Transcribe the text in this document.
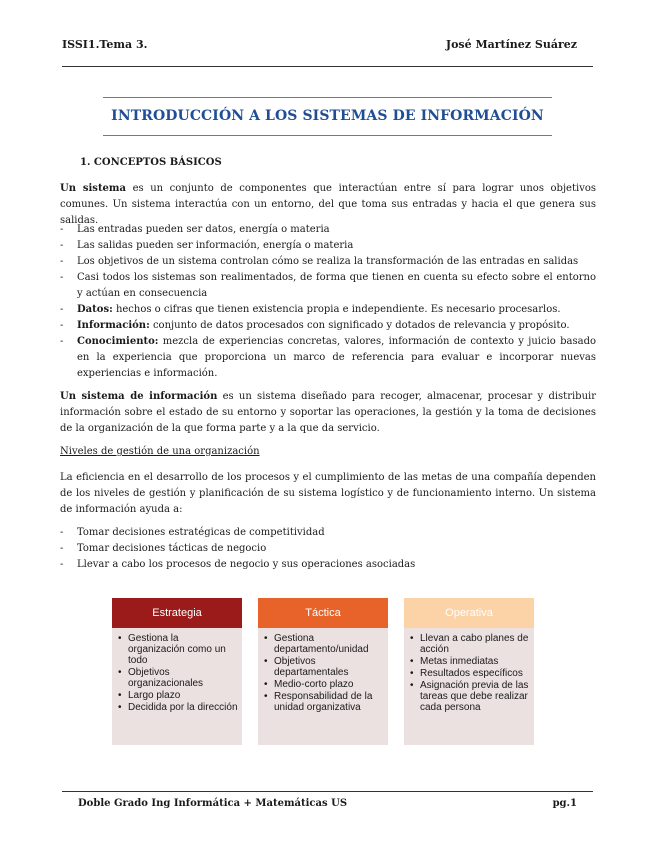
ISSI1.Tema 3.	José Martínez Suárez
INTRODUCCIÓN A LOS SISTEMAS DE INFORMACIÓN
1. CONCEPTOS BÁSICOS
Un sistema es un conjunto de componentes que interactúan entre sí para lograr unos objetivos comunes. Un sistema interactúa con un entorno, del que toma sus entradas y hacia el que genera sus salidas.
- Las entradas pueden ser datos, energía o materia
- Las salidas pueden ser información, energía o materia
- Los objetivos de un sistema controlan cómo se realiza la transformación de las entradas en salidas
- Casi todos los sistemas son realimentados, de forma que tienen en cuenta su efecto sobre el entorno y actúan en consecuencia
- Datos: hechos o cifras que tienen existencia propia e independiente. Es necesario procesarlos.
- Información: conjunto de datos procesados con significado y dotados de relevancia y propósito.
- Conocimiento: mezcla de experiencias concretas, valores, información de contexto y juicio basado en la experiencia que proporciona un marco de referencia para evaluar e incorporar nuevas experiencias e información.
Un sistema de información es un sistema diseñado para recoger, almacenar, procesar y distribuir información sobre el estado de su entorno y soportar las operaciones, la gestión y la toma de decisiones de la organización de la que forma parte y a la que da servicio.
Niveles de gestión de una organización
La eficiencia en el desarrollo de los procesos y el cumplimiento de las metas de una compañía dependen de los niveles de gestión y planificación de su sistema logístico y de funcionamiento interno. Un sistema de información ayuda a:
- Tomar decisiones estratégicas de competitividad
- Tomar decisiones tácticas de negocio
- Llevar a cabo los procesos de negocio y sus operaciones asociadas
Estrategia
• Gestiona la organización como un todo
• Objetivos organizacionales
• Largo plazo
• Decidida por la dirección
Táctica
• Gestiona departamento/unidad
• Objetivos departamentales
• Medio-corto plazo
• Responsabilidad de la unidad organizativa
Operativa
• Llevan a cabo planes de acción
• Metas inmediatas
• Resultados específicos
• Asignación previa de las tareas que debe realizar cada persona
Doble Grado Ing Informática + Matemáticas US	pg.1
